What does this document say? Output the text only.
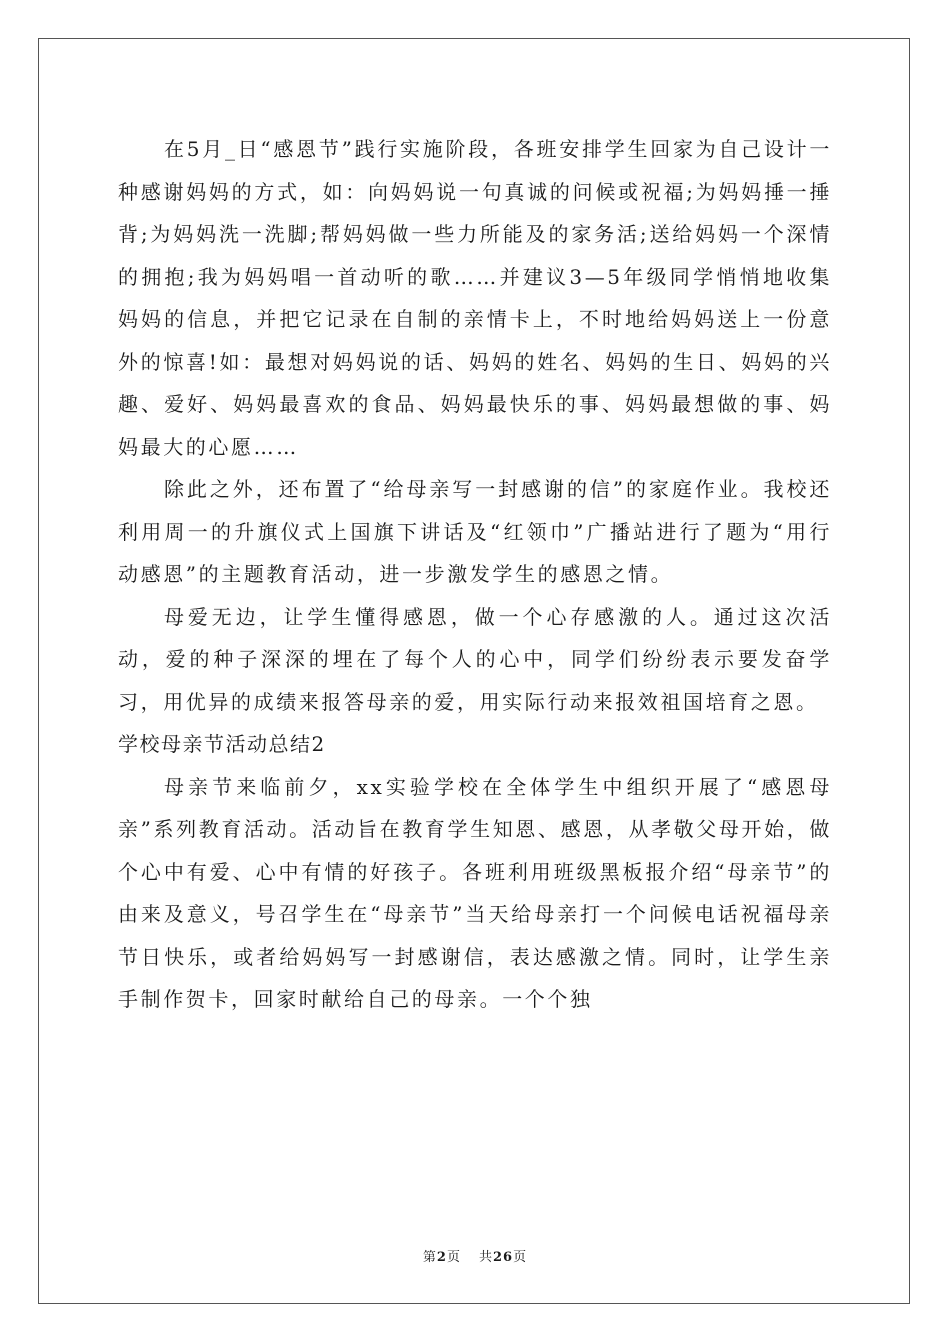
在5月_日“感恩节”践行实施阶段，各班安排学生回家为自己设计一种感谢妈妈的方式，如：向妈妈说一句真诚的问候或祝福;为妈妈捶一捶背;为妈妈洗一洗脚;帮妈妈做一些力所能及的家务活;送给妈妈一个深情的拥抱;我为妈妈唱一首动听的歌……并建议3—5年级同学悄悄地收集妈妈的信息，并把它记录在自制的亲情卡上，不时地给妈妈送上一份意外的惊喜!如：最想对妈妈说的话、妈妈的姓名、妈妈的生日、妈妈的兴趣、爱好、妈妈最喜欢的食品、妈妈最快乐的事、妈妈最想做的事、妈妈最大的心愿……

除此之外，还布置了“给母亲写一封感谢的信”的家庭作业。我校还利用周一的升旗仪式上国旗下讲话及“红领巾”广播站进行了题为“用行动感恩”的主题教育活动，进一步激发学生的感恩之情。

母爱无边，让学生懂得感恩，做一个心存感激的人。通过这次活动，爱的种子深深的埋在了每个人的心中，同学们纷纷表示要发奋学习，用优异的成绩来报答母亲的爱，用实际行动来报效祖国培育之恩。

学校母亲节活动总结2

母亲节来临前夕，xx实验学校在全体学生中组织开展了“感恩母亲”系列教育活动。活动旨在教育学生知恩、感恩，从孝敬父母开始，做个心中有爱、心中有情的好孩子。各班利用班级黑板报介绍“母亲节”的由来及意义，号召学生在“母亲节”当天给母亲打一个问候电话祝福母亲节日快乐，或者给妈妈写一封感谢信，表达感激之情。同时，让学生亲手制作贺卡，回家时献给自己的母亲。一个个独

第2页 共26页
